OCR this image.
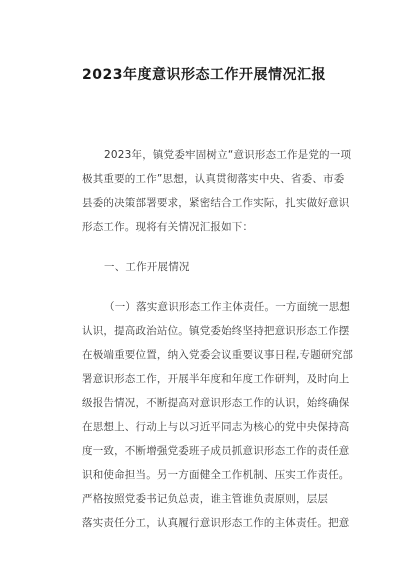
2023年度意识形态工作开展情况汇报
2023年，镇党委牢固树立“意识形态工作是党的一项
极其重要的工作”思想，认真贯彻落实中央、省委、市委
县委的决策部署要求，紧密结合工作实际，扎实做好意识
形态工作。现将有关情况汇报如下：
一、工作开展情况
（一）落实意识形态工作主体责任。一方面统一思想
认识，提高政治站位。镇党委始终坚持把意识形态工作摆
在极端重要位置，纳入党委会议重要议事日程,专题研究部
署意识形态工作，开展半年度和年度工作研判，及时向上
级报告情况，不断提高对意识形态工作的认识，始终确保
在思想上、行动上与以习近平同志为核心的党中央保持高
度一致，不断增强党委班子成员抓意识形态工作的责任意
识和使命担当。另一方面健全工作机制、压实工作责任。
严格按照党委书记负总责，谁主管谁负责原则，层层
落实责任分工，认真履行意识形态工作的主体责任。把意
